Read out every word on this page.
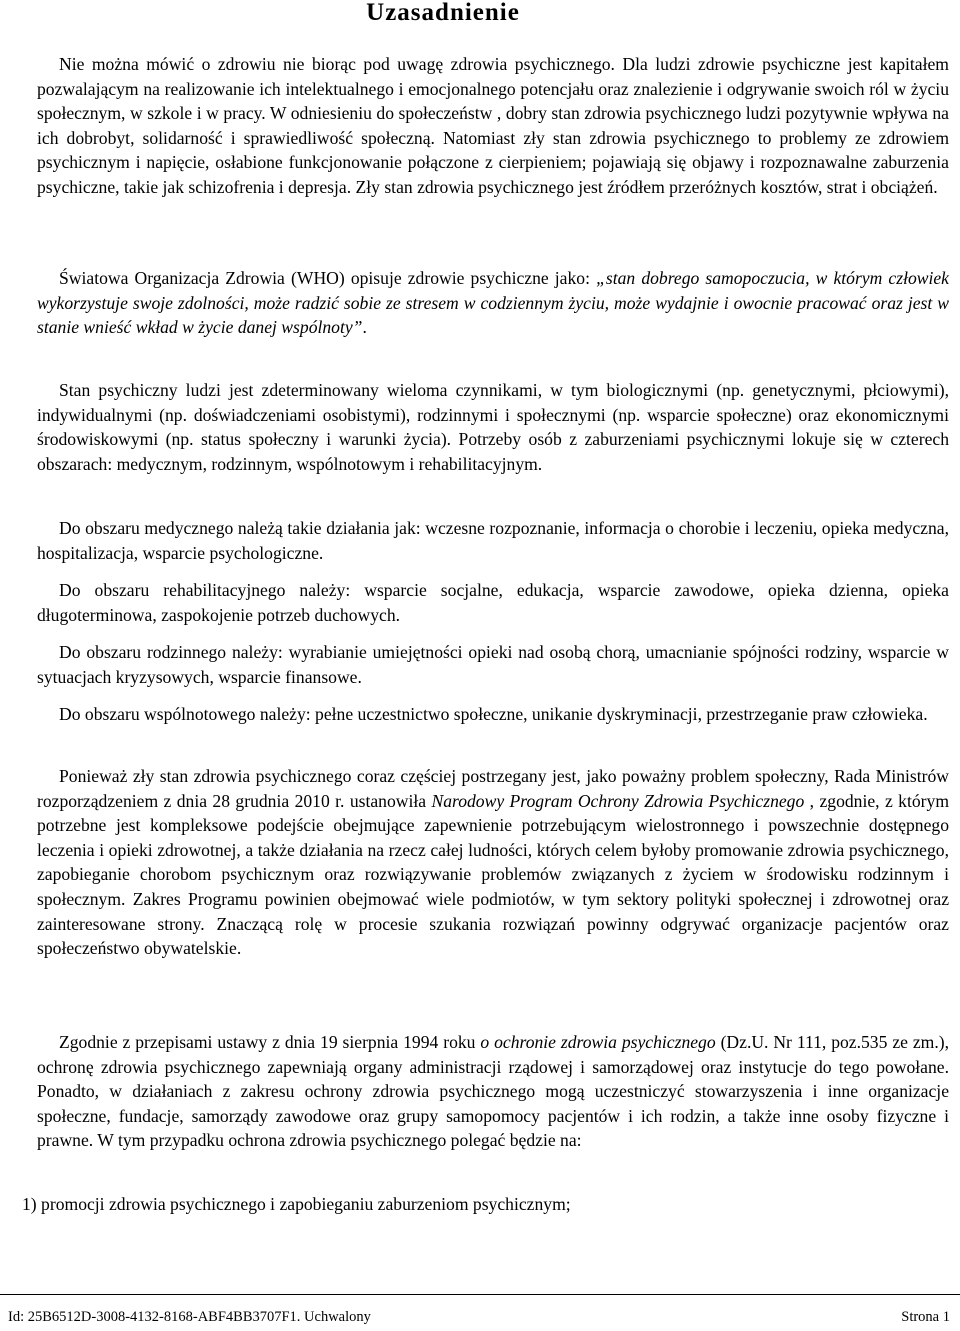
Uzasadnienie

Nie można mówić o zdrowiu nie biorąc pod uwagę zdrowia psychicznego. Dla ludzi zdrowie psychiczne jest kapitałem pozwalającym na realizowanie ich intelektualnego i emocjonalnego potencjału oraz znalezienie i odgrywanie swoich ról w życiu społecznym, w szkole i w pracy. W odniesieniu do społeczeństw , dobry stan zdrowia psychicznego ludzi pozytywnie wpływa na ich dobrobyt, solidarność i sprawiedliwość społeczną. Natomiast zły stan zdrowia psychicznego to problemy ze zdrowiem psychicznym i napięcie, osłabione funkcjonowanie połączone z cierpieniem; pojawiają się objawy i rozpoznawalne zaburzenia psychiczne, takie jak schizofrenia i depresja. Zły stan zdrowia psychicznego jest źródłem przeróżnych kosztów, strat i obciążeń.

Światowa Organizacja Zdrowia (WHO) opisuje zdrowie psychiczne jako: „stan dobrego samopoczucia, w którym człowiek wykorzystuje swoje zdolności, może radzić sobie ze stresem w codziennym życiu, może wydajnie i owocnie pracować oraz jest w stanie wnieść wkład w życie danej wspólnoty”.

Stan psychiczny ludzi jest zdeterminowany wieloma czynnikami, w tym biologicznymi (np. genetycznymi, płciowymi), indywidualnymi (np. doświadczeniami osobistymi), rodzinnymi i społecznymi (np. wsparcie społeczne) oraz ekonomicznymi środowiskowymi (np. status społeczny i warunki życia). Potrzeby osób z zaburzeniami psychicznymi lokuje się w czterech obszarach: medycznym, rodzinnym, wspólnotowym i rehabilitacyjnym.

Do obszaru medycznego należą takie działania jak: wczesne rozpoznanie, informacja o chorobie i leczeniu, opieka medyczna, hospitalizacja, wsparcie psychologiczne.

Do obszaru rehabilitacyjnego należy: wsparcie socjalne, edukacja, wsparcie zawodowe, opieka dzienna, opieka długoterminowa, zaspokojenie potrzeb duchowych.

Do obszaru rodzinnego należy: wyrabianie umiejętności opieki nad osobą chorą, umacnianie spójności rodziny, wsparcie w sytuacjach kryzysowych, wsparcie finansowe.

Do obszaru wspólnotowego należy: pełne uczestnictwo społeczne, unikanie dyskryminacji, przestrzeganie praw człowieka.

Ponieważ zły stan zdrowia psychicznego coraz częściej postrzegany jest, jako poważny problem społeczny, Rada Ministrów rozporządzeniem z dnia 28 grudnia 2010 r. ustanowiła Narodowy Program Ochrony Zdrowia Psychicznego , zgodnie, z którym potrzebne jest kompleksowe podejście obejmujące zapewnienie potrzebującym wielostronnego i powszechnie dostępnego leczenia i opieki zdrowotnej, a także działania na rzecz całej ludności, których celem byłoby promowanie zdrowia psychicznego, zapobieganie chorobom psychicznym oraz rozwiązywanie problemów związanych z życiem w środowisku rodzinnym i społecznym. Zakres Programu powinien obejmować wiele podmiotów, w tym sektory polityki społecznej i zdrowotnej oraz zainteresowane strony. Znaczącą rolę w procesie szukania rozwiązań powinny odgrywać organizacje pacjentów oraz społeczeństwo obywatelskie.

Zgodnie z przepisami ustawy z dnia 19 sierpnia 1994 roku o ochronie zdrowia psychicznego (Dz.U. Nr 111, poz.535 ze zm.), ochronę zdrowia psychicznego zapewniają organy administracji rządowej i samorządowej oraz instytucje do tego powołane. Ponadto, w działaniach z zakresu ochrony zdrowia psychicznego mogą uczestniczyć stowarzyszenia i inne organizacje społeczne, fundacje, samorządy zawodowe oraz grupy samopomocy pacjentów i ich rodzin, a także inne osoby fizyczne i prawne. W tym przypadku ochrona zdrowia psychicznego polegać będzie na:

1) promocji zdrowia psychicznego i zapobieganiu zaburzeniom psychicznym;

Id: 25B6512D-3008-4132-8168-ABF4BB3707F1. Uchwalony	Strona 1
